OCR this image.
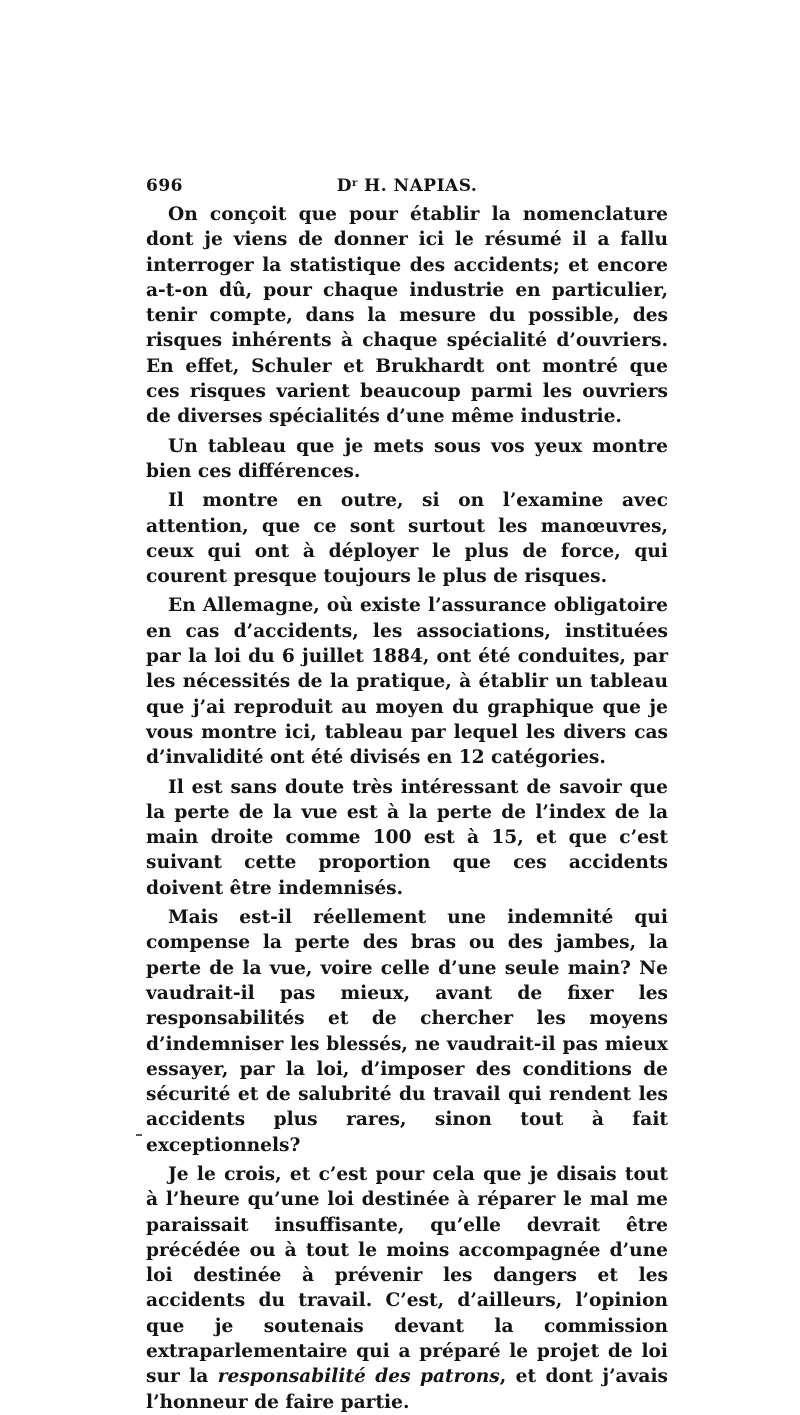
696	$D^r$ H. NAPIAS.

On conçoit que pour établir la nomenclature dont je viens de donner ici le résumé il a fallu interroger la statistique des accidents; et encore a-t-on dû, pour chaque industrie en particulier, tenir compte, dans la mesure du possible, des risques inhérents à chaque spécialité d’ouvriers. En effet, Schuler et Brukhardt ont montré que ces risques varient beaucoup parmi les ouvriers de diverses spécialités d’une même industrie.

Un tableau que je mets sous vos yeux montre bien ces différences.

Il montre en outre, si on l’examine avec attention, que ce sont surtout les manœuvres, ceux qui ont à déployer le plus de force, qui courent presque toujours le plus de risques.

En Allemagne, où existe l’assurance obligatoire en cas d’accidents, les associations, instituées par la loi du 6 juillet 1884, ont été conduites, par les nécessités de la pratique, à établir un tableau que j’ai reproduit au moyen du graphique que je vous montre ici, tableau par lequel les divers cas d’invalidité ont été divisés en 12 catégories.

Il est sans doute très intéressant de savoir que la perte de la vue est à la perte de l’index de la main droite comme 100 est à 15, et que c’est suivant cette proportion que ces accidents doivent être indemnisés.

Mais est-il réellement une indemnité qui compense la perte des bras ou des jambes, la perte de la vue, voire celle d’une seule main? Ne vaudrait-il pas mieux, avant de fixer les responsabilités et de chercher les moyens d’indemniser les blessés, ne vaudrait-il pas mieux essayer, par la loi, d’imposer des conditions de sécurité et de salubrité du travail qui rendent les accidents plus rares, sinon tout à fait exceptionnels?

Je le crois, et c’est pour cela que je disais tout à l’heure qu’une loi destinée à réparer le mal me paraissait insuffisante, qu’elle devrait être précédée ou à tout le moins accompagnée d’une loi destinée à prévenir les dangers et les accidents du travail. C’est, d’ailleurs, l’opinion que je soutenais devant la commission extraparlementaire qui a préparé le projet de loi sur la responsabilité des patrons, et dont j’avais l’honneur de faire partie.
